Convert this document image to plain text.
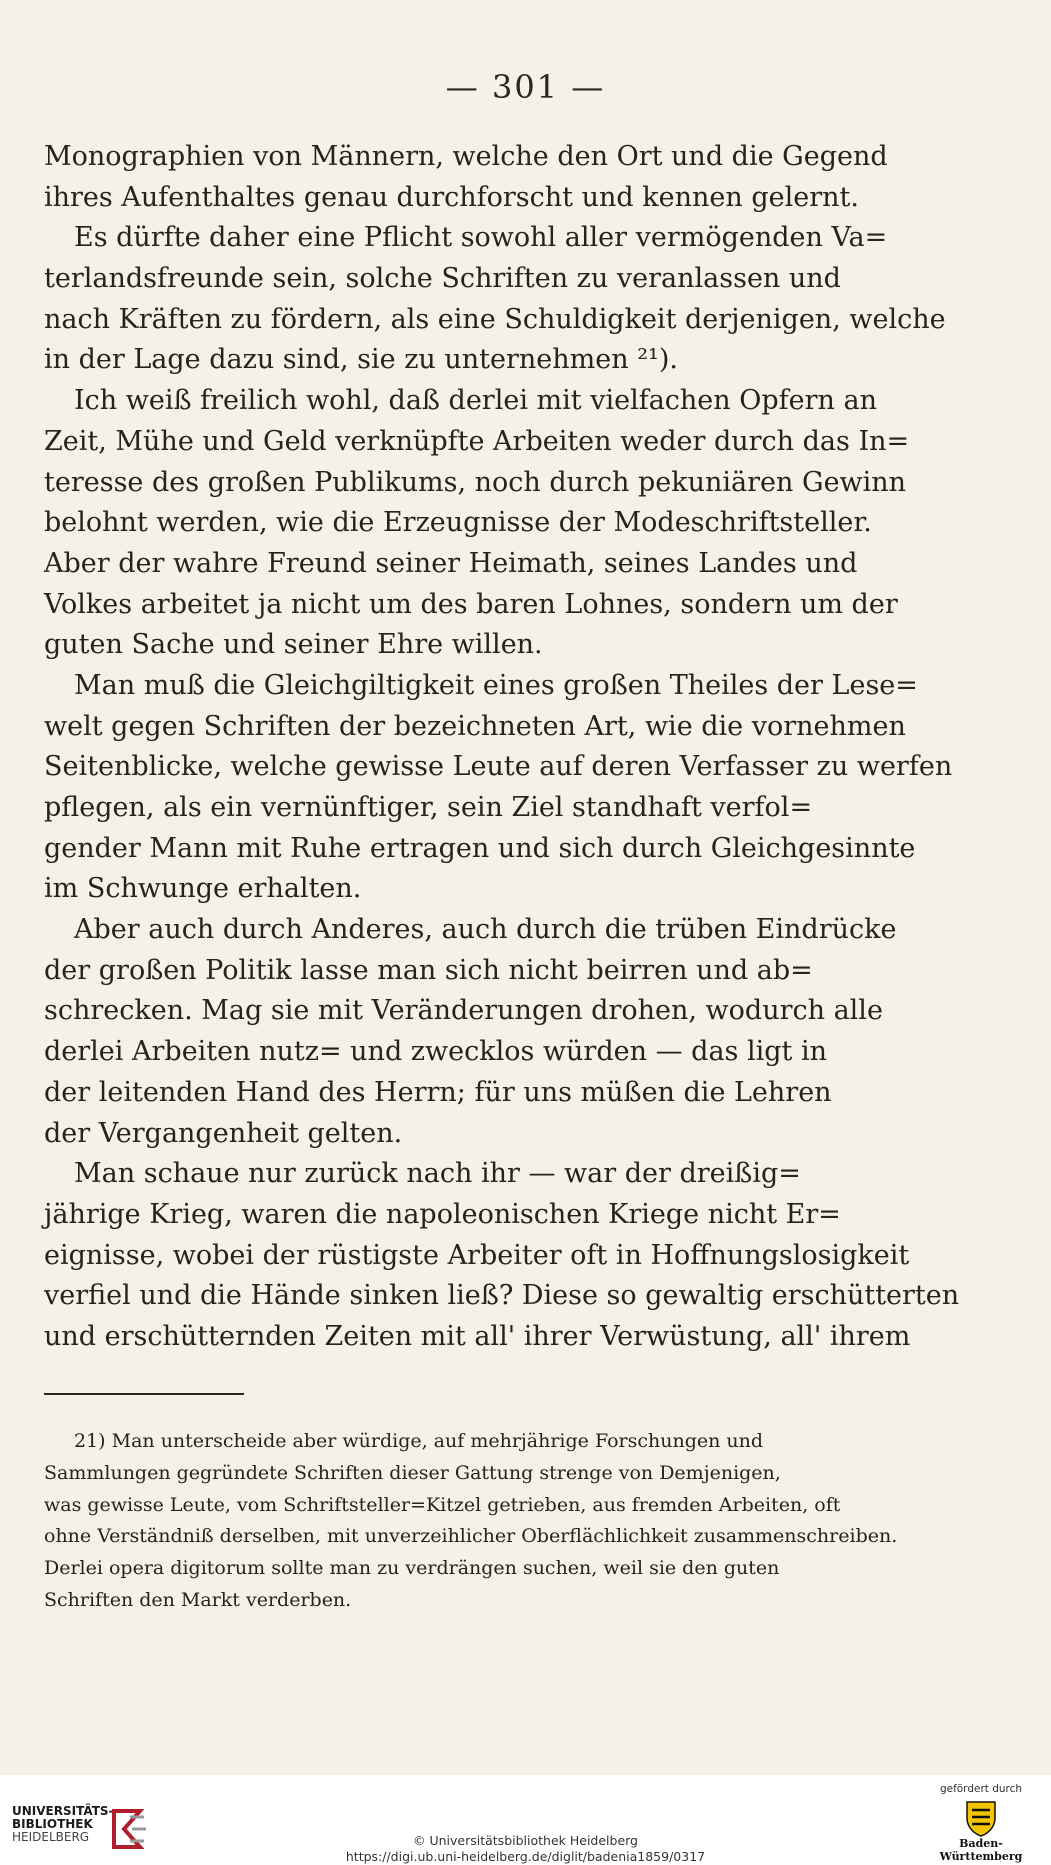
— 301 —
Monographien von Männern, welche den Ort und die Gegend
ihres Aufenthaltes genau durchforscht und kennen gelernt.
Es dürfte daher eine Pflicht sowohl aller vermögenden Va=
terlandsfreunde sein, solche Schriften zu veranlassen und
nach Kräften zu fördern, als eine Schuldigkeit derjenigen, welche
in der Lage dazu sind, sie zu unternehmen ²¹).
Ich weiß freilich wohl, daß derlei mit vielfachen Opfern an
Zeit, Mühe und Geld verknüpfte Arbeiten weder durch das In=
teresse des großen Publikums, noch durch pekuniären Gewinn
belohnt werden, wie die Erzeugnisse der Modeschriftsteller.
Aber der wahre Freund seiner Heimath, seines Landes und
Volkes arbeitet ja nicht um des baren Lohnes, sondern um der
guten Sache und seiner Ehre willen.
Man muß die Gleichgiltigkeit eines großen Theiles der Lese=
welt gegen Schriften der bezeichneten Art, wie die vornehmen
Seitenblicke, welche gewisse Leute auf deren Verfasser zu werfen
pflegen, als ein vernünftiger, sein Ziel standhaft verfol=
gender Mann mit Ruhe ertragen und sich durch Gleichgesinnte
im Schwunge erhalten.
Aber auch durch Anderes, auch durch die trüben Eindrücke
der großen Politik lasse man sich nicht beirren und ab=
schrecken. Mag sie mit Veränderungen drohen, wodurch alle
derlei Arbeiten nutz= und zwecklos würden — das ligt in
der leitenden Hand des Herrn; für uns müßen die Lehren
der Vergangenheit gelten.
Man schaue nur zurück nach ihr — war der dreißig=
jährige Krieg, waren die napoleonischen Kriege nicht Er=
eignisse, wobei der rüstigste Arbeiter oft in Hoffnungslosigkeit
verfiel und die Hände sinken ließ? Diese so gewaltig erschütterten
und erschütternden Zeiten mit all' ihrer Verwüstung, all' ihrem
21) Man unterscheide aber würdige, auf mehrjährige Forschungen und
Sammlungen gegründete Schriften dieser Gattung strenge von Demjenigen,
was gewisse Leute, vom Schriftsteller=Kitzel getrieben, aus fremden Arbeiten, oft
ohne Verständniß derselben, mit unverzeihlicher Oberflächlichkeit zusammenschreiben.
Derlei opera digitorum sollte man zu verdrängen suchen, weil sie den guten
Schriften den Markt verderben.
UNIVERSITÄTS-
BIBLIOTHEK
HEIDELBERG	© Universitätsbibliothek Heidelberg
https://digi.ub.uni-heidelberg.de/diglit/badenia1859/0317
gefördert durch
Baden-Württemberg
